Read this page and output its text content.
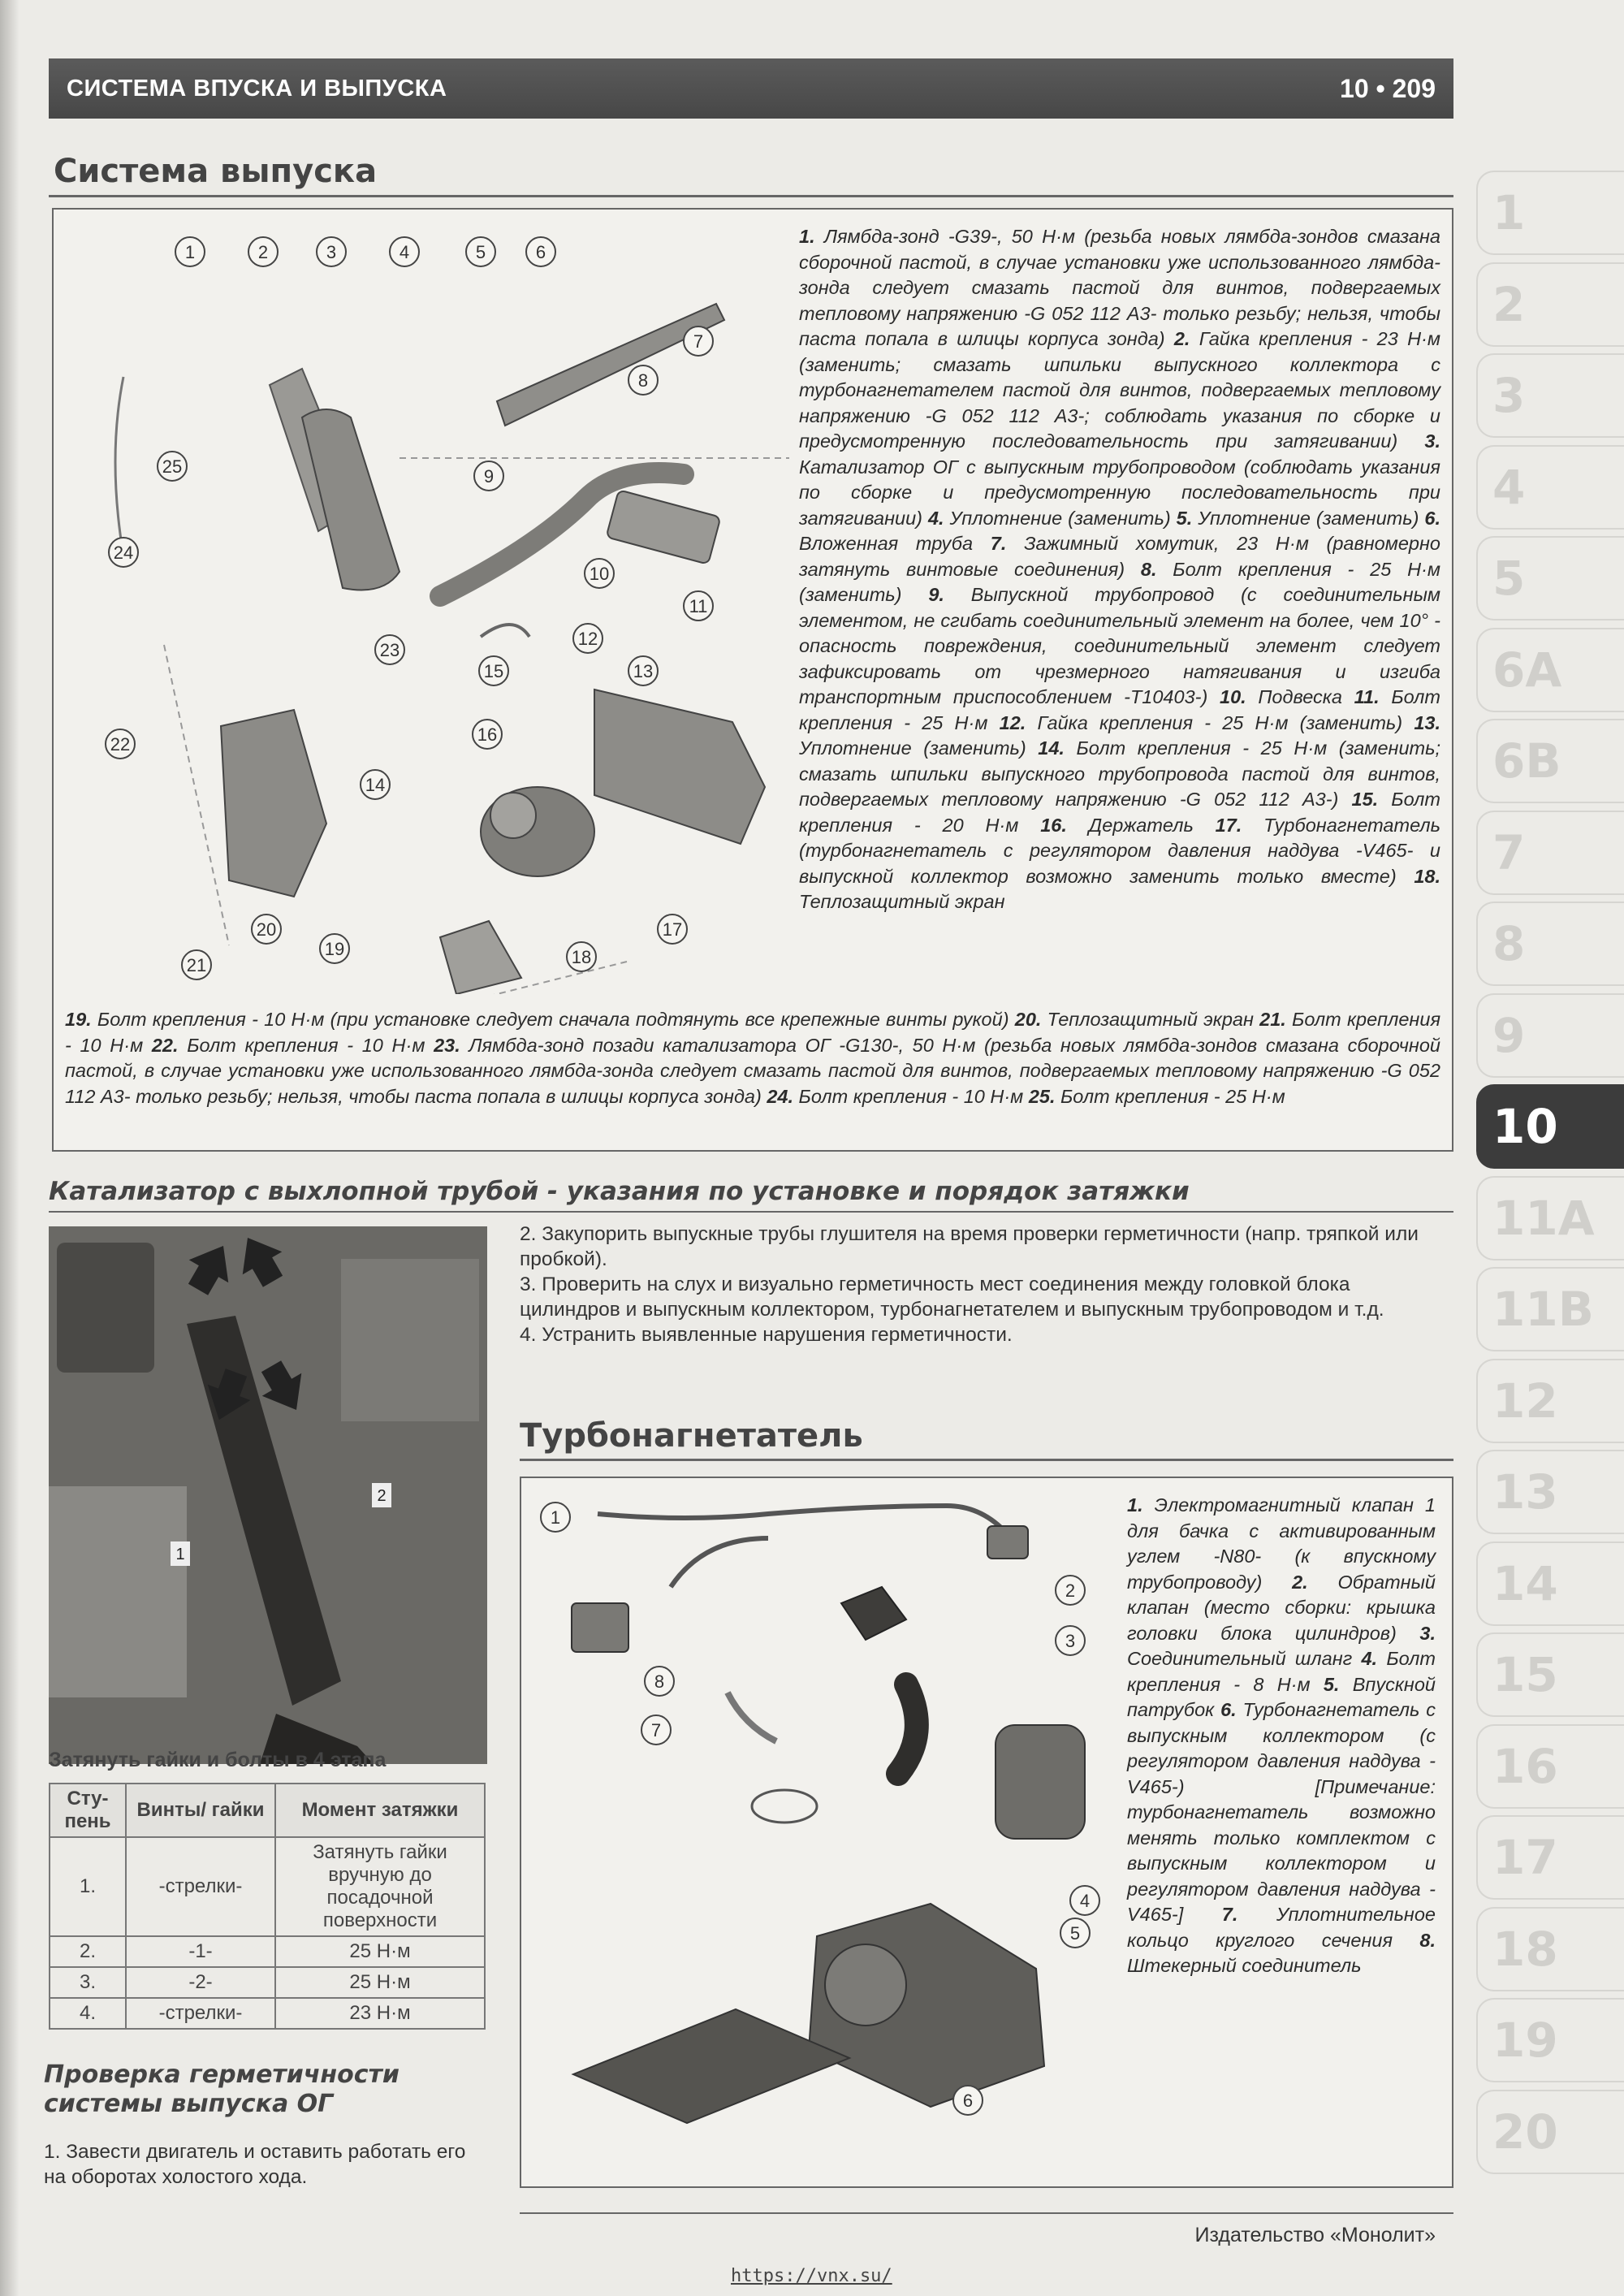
СИСТЕМА ВПУСКА И ВЫПУСКА	10 • 209
Система выпуска
1	2	3	4	5	6
7
8
9
10
11
12
13
14
15
16
17
18
19
20
21
22
23
24
25
1. Лямбда-зонд -G39-, 50 Н·м (резьба новых лямбда-зондов смазана сборочной пастой, в случае установки уже использованного лямбда-зонда следует смазать пастой для винтов, подвергаемых тепловому напряжению -G 052 112 А3- только резьбу; нельзя, чтобы паста попала в шлицы корпуса зонда) 2. Гайка крепления - 23 Н·м (заменить; смазать шпильки выпускного коллектора с турбонагнетателем пастой для винтов, подвергаемых тепловому напряжению -G 052 112 А3-; соблюдать указания по сборке и предусмотренную последовательность при затягивании) 3. Катализатор ОГ с выпускным трубопроводом (соблюдать указания по сборке и предусмотренную последовательность при затягивании) 4. Уплотнение (заменить) 5. Уплотнение (заменить) 6. Вложенная труба 7. Зажимный хомутик, 23 Н·м (равномерно затянуть винтовые соединения) 8. Болт крепления - 25 Н·м (заменить) 9. Выпускной трубопровод (с соединительным элементом, не сгибать соединительный элемент на более, чем 10° - опасность повреждения, соединительный элемент следует зафиксировать от чрезмерного натягивания и изгиба транспортным приспособлением -Т10403-) 10. Подвеска 11. Болт крепления - 25 Н·м 12. Гайка крепления - 25 Н·м (заменить) 13. Уплотнение (заменить) 14. Болт крепления - 25 Н·м (заменить; смазать шпильки выпускного трубопровода пастой для винтов, подвергаемых тепловому напряжению -G 052 112 А3-) 15. Болт крепления - 20 Н·м 16. Держатель 17. Турбонагнетатель (турбонагнетатель с регулятором давления наддува -V465- и выпускной коллектор возможно заменить только вместе) 18. Теплозащитный экран
19. Болт крепления - 10 Н·м (при установке следует сначала подтянуть все крепежные винты рукой) 20. Теплозащитный экран 21. Болт крепления - 10 Н·м 22. Болт крепления - 10 Н·м 23. Лямбда-зонд позади катализатора ОГ -G130-, 50 Н·м (резьба новых лямбда-зондов смазана сборочной пастой, в случае установки уже использованного лямбда-зонда следует смазать пастой для винтов, подвергаемых тепловому напряжению -G 052 112 А3- только резьбу; нельзя, чтобы паста попала в шлицы корпуса зонда) 24. Болт крепления - 10 Н·м 25. Болт крепления - 25 Н·м
Катализатор с выхлопной трубой - указания по установке и порядок затяжки
1
2
Затянуть гайки и болты в 4 этапа
Сту-пень	Винты/ гайки	Момент затяжки
1.	-стрелки-	Затянуть гайки вручную до посадочной поверхности
2.	-1-	25 Н·м
3.	-2-	25 Н·м
4.	-стрелки-	23 Н·м
Проверка герметичности системы выпуска ОГ
1. Завести двигатель и оставить работать его на оборотах холостого хода.
2. Закупорить выпускные трубы глушителя на время проверки герметичности (напр. тряпкой или пробкой).
3. Проверить на слух и визуально герметичность мест соединения между головкой блока цилиндров и выпускным коллектором, турбонагнетателем и выпускным трубопроводом и т.д.
4. Устранить выявленные нарушения герметичности.
Турбонагнетатель
1
2
3
4
5
6
7
8
1. Электромагнитный клапан 1 для бачка с активированным углем -N80- (к впускному трубопроводу) 2. Обратный клапан (место сборки: крышка головки блока цилиндров) 3. Соединительный шланг 4. Болт крепления - 8 Н·м 5. Впускной патрубок 6. Турбонагнетатель с выпускным коллектором (с регулятором давления наддува -V465-) [Примечание: турбонагнетатель возможно менять только комплектом с выпускным коллектором и регулятором давления наддува -V465-] 7. Уплотнительное кольцо круглого сечения 8. Штекерный соединитель
1
2
3
4
5
6A
6B
7
8
9
10
11A
11B
12
13
14
15
16
17
18
19
20
Издательство «Монолит»
https://vnx.su/
